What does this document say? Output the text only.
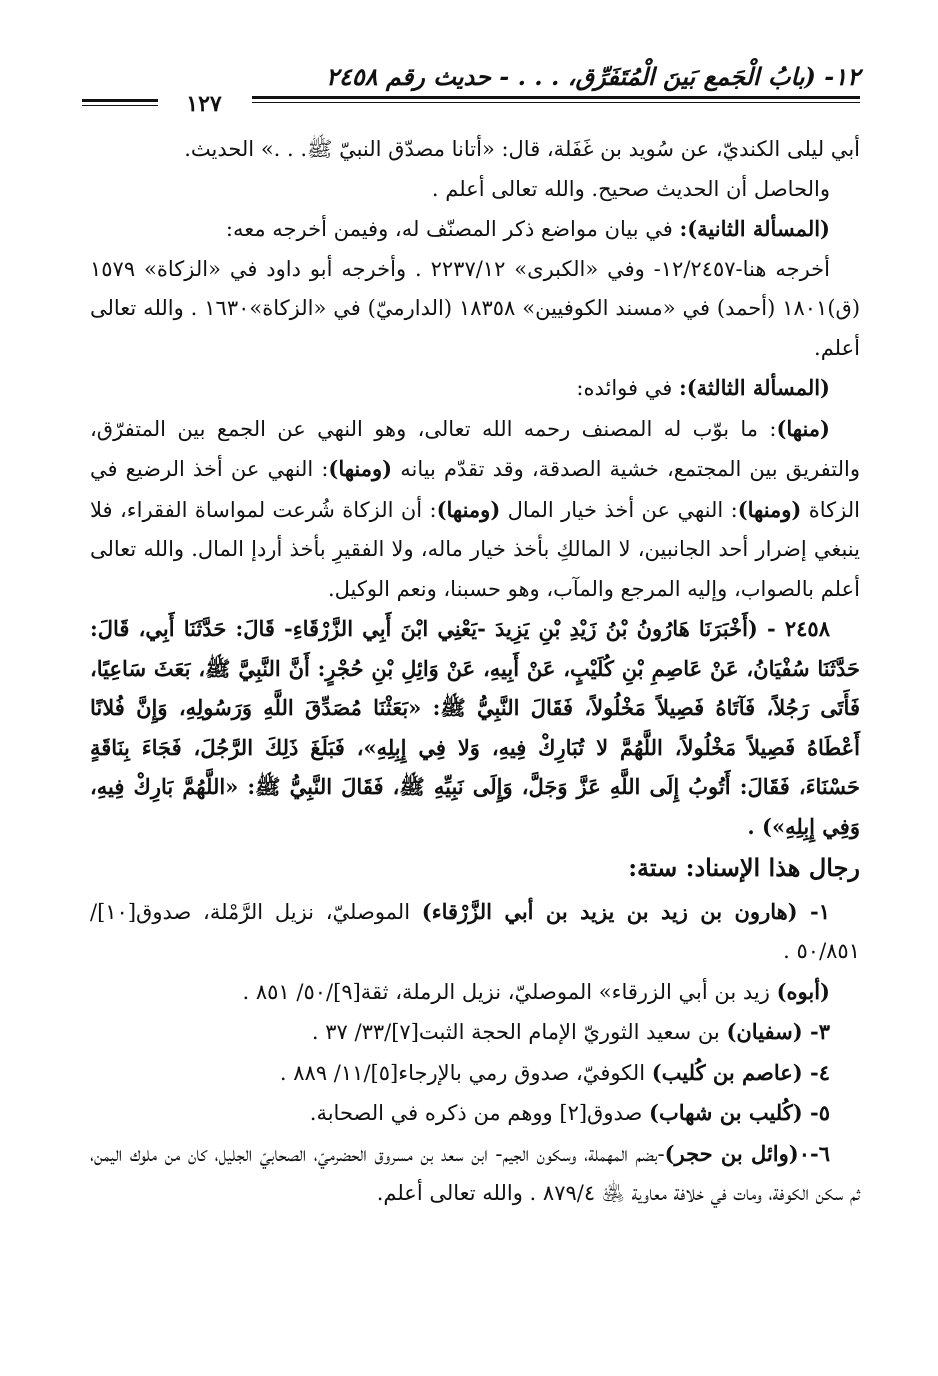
١٢- (بابُ الْجَمع بَينَ الْمُتَفَرِّق، . . . - حديث رقم ٢٤٥٨
١٢٧

أبي ليلى الكنديّ، عن سُويد بن غَفَلة، قال: «أتانا مصدّق النبيّ ﷺ. . .» الحديث.

والحاصل أن الحديث صحيح. والله تعالى أعلم .

(المسألة الثانية): في بيان مواضع ذكر المصنّف له، وفيمن أخرجه معه:

أخرجه هنا-١٢/٢٤٥٧- وفي «الكبرى» ٢٢٣٧/١٢ . وأخرجه أبو داود في «الزكاة» ١٥٧٩ (ق)١٨٠١ (أحمد) في «مسند الكوفيين» ١٨٣٥٨ (الدارميّ) في «الزكاة»١٦٣٠ . والله تعالى أعلم.

(المسألة الثالثة): في فوائده:

(منها): ما بوّب له المصنف رحمه الله تعالى، وهو النهي عن الجمع بين المتفرّق، والتفريق بين المجتمع، خشية الصدقة، وقد تقدّم بيانه (ومنها): النهي عن أخذ الرضيع في الزكاة (ومنها): النهي عن أخذ خيار المال (ومنها): أن الزكاة شُرعت لمواساة الفقراء، فلا ينبغي إضرار أحد الجانبين، لا المالكِ بأخذ خيار ماله، ولا الفقيرِ بأخذ أردإ المال. والله تعالى أعلم بالصواب، وإليه المرجع والمآب، وهو حسبنا، ونعم الوكيل.

٢٤٥٨ - (أَخْبَرَنَا هَارُونُ بْنُ زَيْدِ بْنِ يَزِيدَ -يَعْنِي ابْنَ أَبِي الزَّرْقَاءِ- قَالَ: حَدَّثَنَا أَبِي، قَالَ: حَدَّثَنَا سُفْيَانُ، عَنْ عَاصِمِ بْنِ كُلَيْبٍ، عَنْ أَبِيهِ، عَنْ وَائِلِ بْنِ حُجْرٍ: أَنَّ النَّبِيَّ ﷺ، بَعَثَ سَاعِيًا، فَأَتَى رَجُلاً، فَآتَاهُ فَصِيلاً مَخْلُولاً، فَقَالَ النَّبِيُّ ﷺ: «بَعَثْنَا مُصَدِّقَ اللَّهِ وَرَسُولِهِ، وَإِنَّ فُلانًا أَعْطَاهُ فَصِيلاً مَخْلُولاً، اللَّهُمَّ لا تُبَارِكْ فِيهِ، وَلا فِي إِبِلِهِ»، فَبَلَغَ ذَلِكَ الرَّجُلَ، فَجَاءَ بِنَاقَةٍ حَسْنَاءَ، فَقَالَ: أَتُوبُ إِلَى اللَّهِ عَزَّ وَجَلَّ، وَإِلَى نَبِيِّهِ ﷺ، فَقَالَ النَّبِيُّ ﷺ: «اللَّهُمَّ بَارِكْ فِيهِ، وَفِي إِبِلِهِ») .

رجال هذا الإسناد: ستة:

١- (هارون بن زيد بن يزيد بن أبي الزَّرْقاء) الموصليّ، نزيل الرَّمْلة، صدوق[١٠]/٥٠/٨٥١ .

(أبوه) زيد بن أبي الزرقاء» الموصليّ، نزيل الرملة، ثقة[٩]/٥٠/ ٨٥١ .

٣- (سفيان) بن سعيد الثوريّ الإمام الحجة الثبت[٧]/٣٣/ ٣٧ .

٤- (عاصم بن كُليب) الكوفيّ، صدوق رمي بالإرجاء[٥]/١١/ ٨٨٩ .

٥- (كُليب بن شهاب) صدوق[٢] ووهم من ذكره في الصحابة.

٦-٠(وائل بن حجر)-بضم المهملة، وسكون الجيم- ابن سعد بن مسروق الحضرميّ، الصحابيّ الجليل، كان من ملوك اليمن، ثم سكن الكوفة، ومات في خلافة معاوية ﵁ ٨٧٩/٤ . والله تعالى أعلم.
